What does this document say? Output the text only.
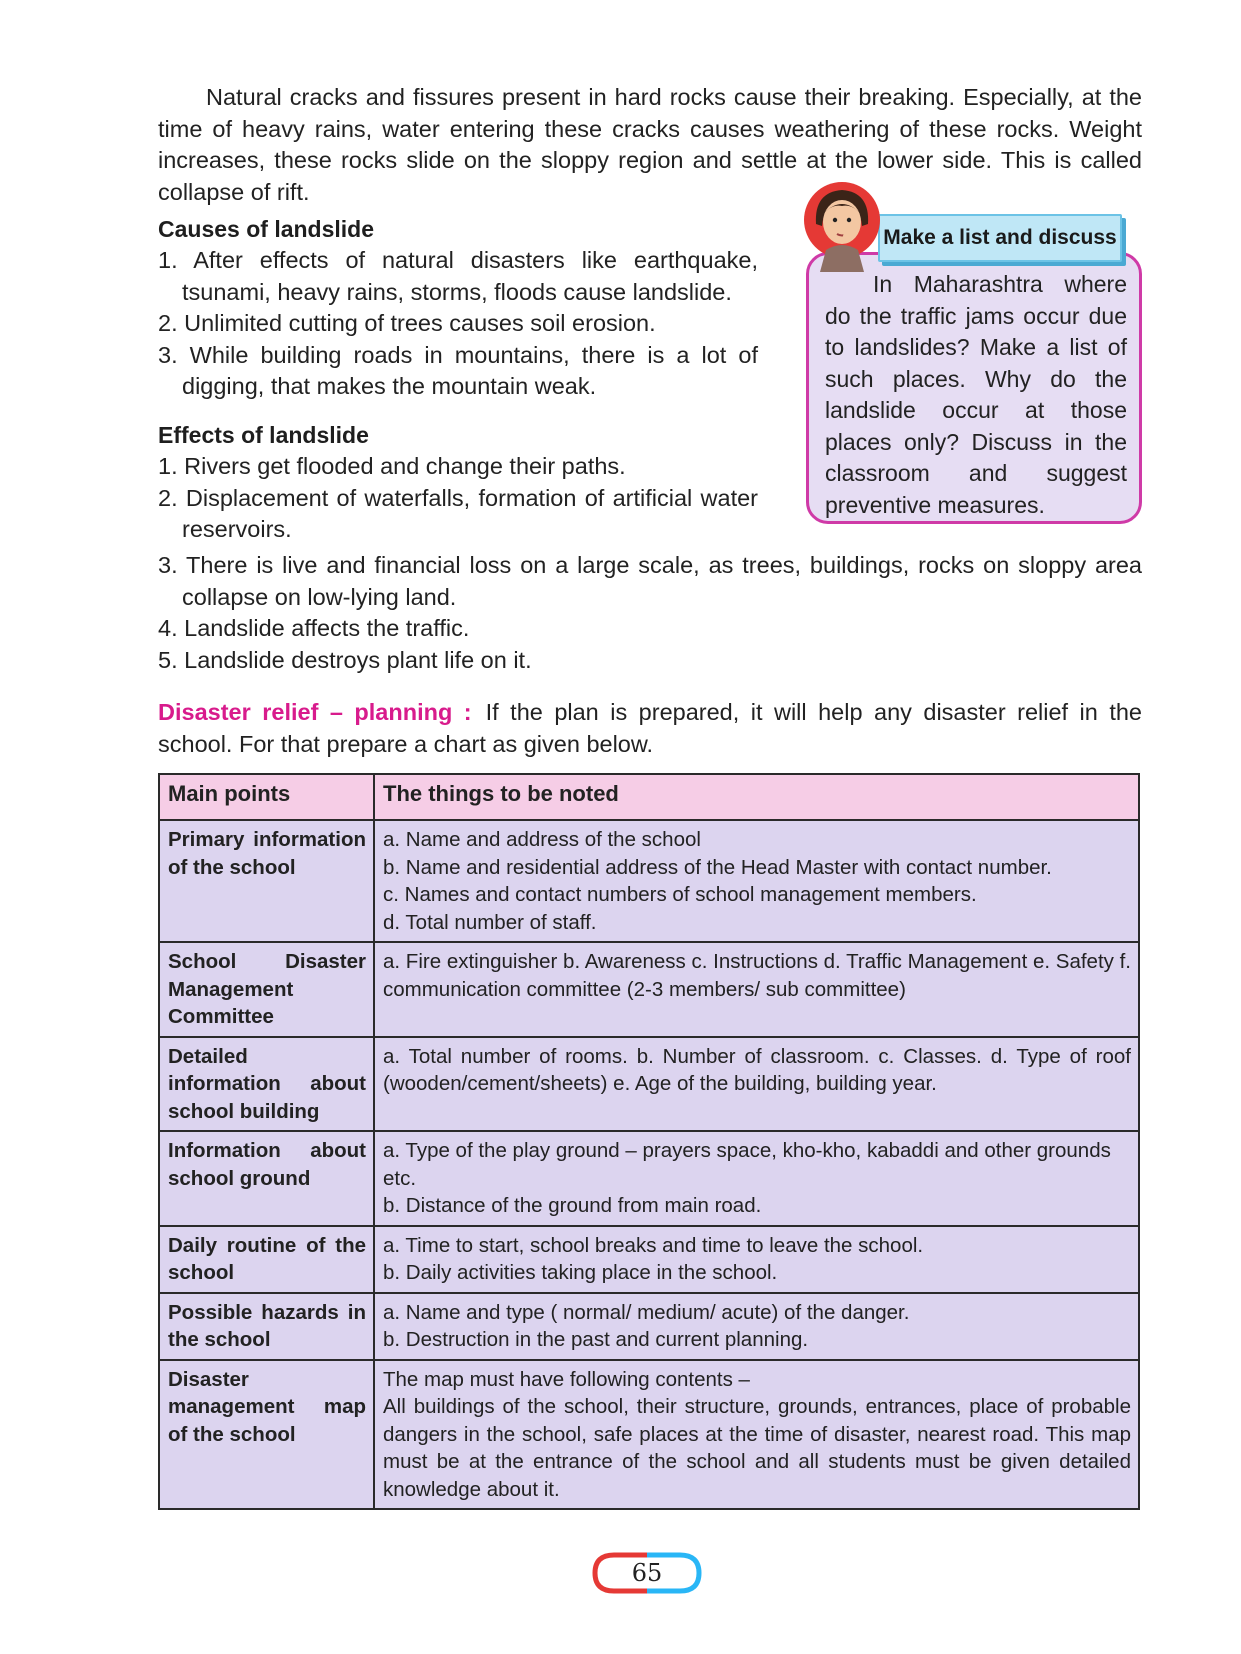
Natural cracks and fissures present in hard rocks cause their breaking. Especially, at the time of heavy rains, water entering these cracks causes weathering of these rocks. Weight increases, these rocks slide on the sloppy region and settle at the lower side. This is called collapse of rift.

Causes of landslide

1. After effects of natural disasters like earthquake, tsunami, heavy rains, storms, floods cause landslide.

2. Unlimited cutting of trees causes soil erosion.

3. While building roads in mountains, there is a lot of digging, that makes the mountain weak.

Effects of landslide

1. Rivers get flooded and change their paths.

2. Displacement of waterfalls, formation of artificial water reservoirs.

3. There is live and financial loss on a large scale, as trees, buildings, rocks on sloppy area collapse on low-lying land.

4. Landslide affects the traffic.

5. Landslide destroys plant life on it.

In Maharashtra where do the traffic jams occur due to landslides? Make a list of such places. Why do the landslide occur at those places only? Discuss in the classroom and suggest preventive measures.
Make a list and discuss

Disaster relief – planning : If the plan is prepared, it will help any disaster relief in the school. For that prepare a chart as given below.

Main points	The things to be noted
Primary information of the school	a. Name and address of the school
b. Name and residential address of the Head Master with contact number.
c. Names and contact numbers of school management members.
d. Total number of staff.

School Disaster Management Committee	a. Fire extinguisher b. Awareness c. Instructions d. Traffic Management e. Safety f. communication committee (2-3 members/ sub committee)

Detailed information about school building	a. Total number of rooms. b. Number of classroom. c. Classes. d. Type of roof (wooden/cement/sheets) e. Age of the building, building year.

Information about school ground	a. Type of the play ground – prayers space, kho-kho, kabaddi and other grounds etc.
b. Distance of the ground from main road.

Daily routine of the school	a. Time to start, school breaks and time to leave the school.
b. Daily activities taking place in the school.

Possible hazards in the school	a. Name and type ( normal/ medium/ acute) of the danger.
b. Destruction in the past and current planning.

Disaster management map of the school	The map must have following contents –
All buildings of the school, their structure, grounds, entrances, place of probable dangers in the school, safe places at the time of disaster, nearest road. This map must be at the entrance of the school and all students must be given detailed knowledge about it.
65
